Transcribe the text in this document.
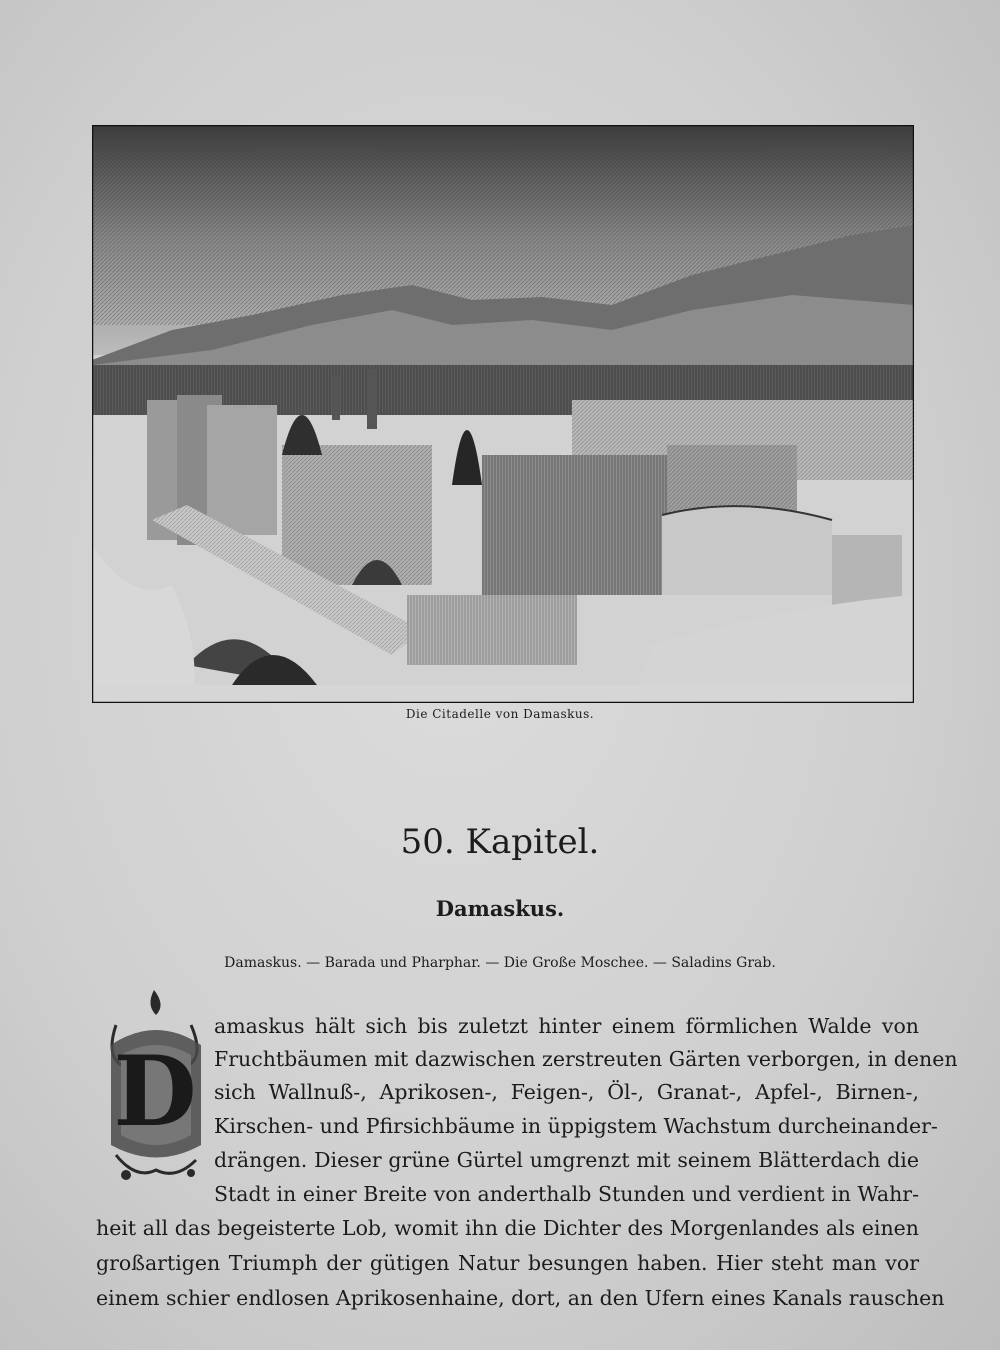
Die Citadelle von Damaskus.
50. Kapitel.
Damaskus.
Damaskus. — Barada und Pharphar. — Die Große Moschee. — Saladins Grab.
D
amaskus hält sich bis zuletzt hinter einem förmlichen Walde von
Fruchtbäumen mit dazwischen zerstreuten Gärten verborgen, in denen
sich Wallnuß-, Aprikosen-, Feigen-, Öl-, Granat-, Apfel-, Birnen-,
Kirschen- und Pfirsichbäume in üppigstem Wachstum durcheinander-
drängen. Dieser grüne Gürtel umgrenzt mit seinem Blätterdach die
Stadt in einer Breite von anderthalb Stunden und verdient in Wahr-
heit all das begeisterte Lob, womit ihn die Dichter des Morgenlandes als einen
großartigen Triumph der gütigen Natur besungen haben. Hier steht man vor
einem schier endlosen Aprikosenhaine, dort, an den Ufern eines Kanals rauschen
